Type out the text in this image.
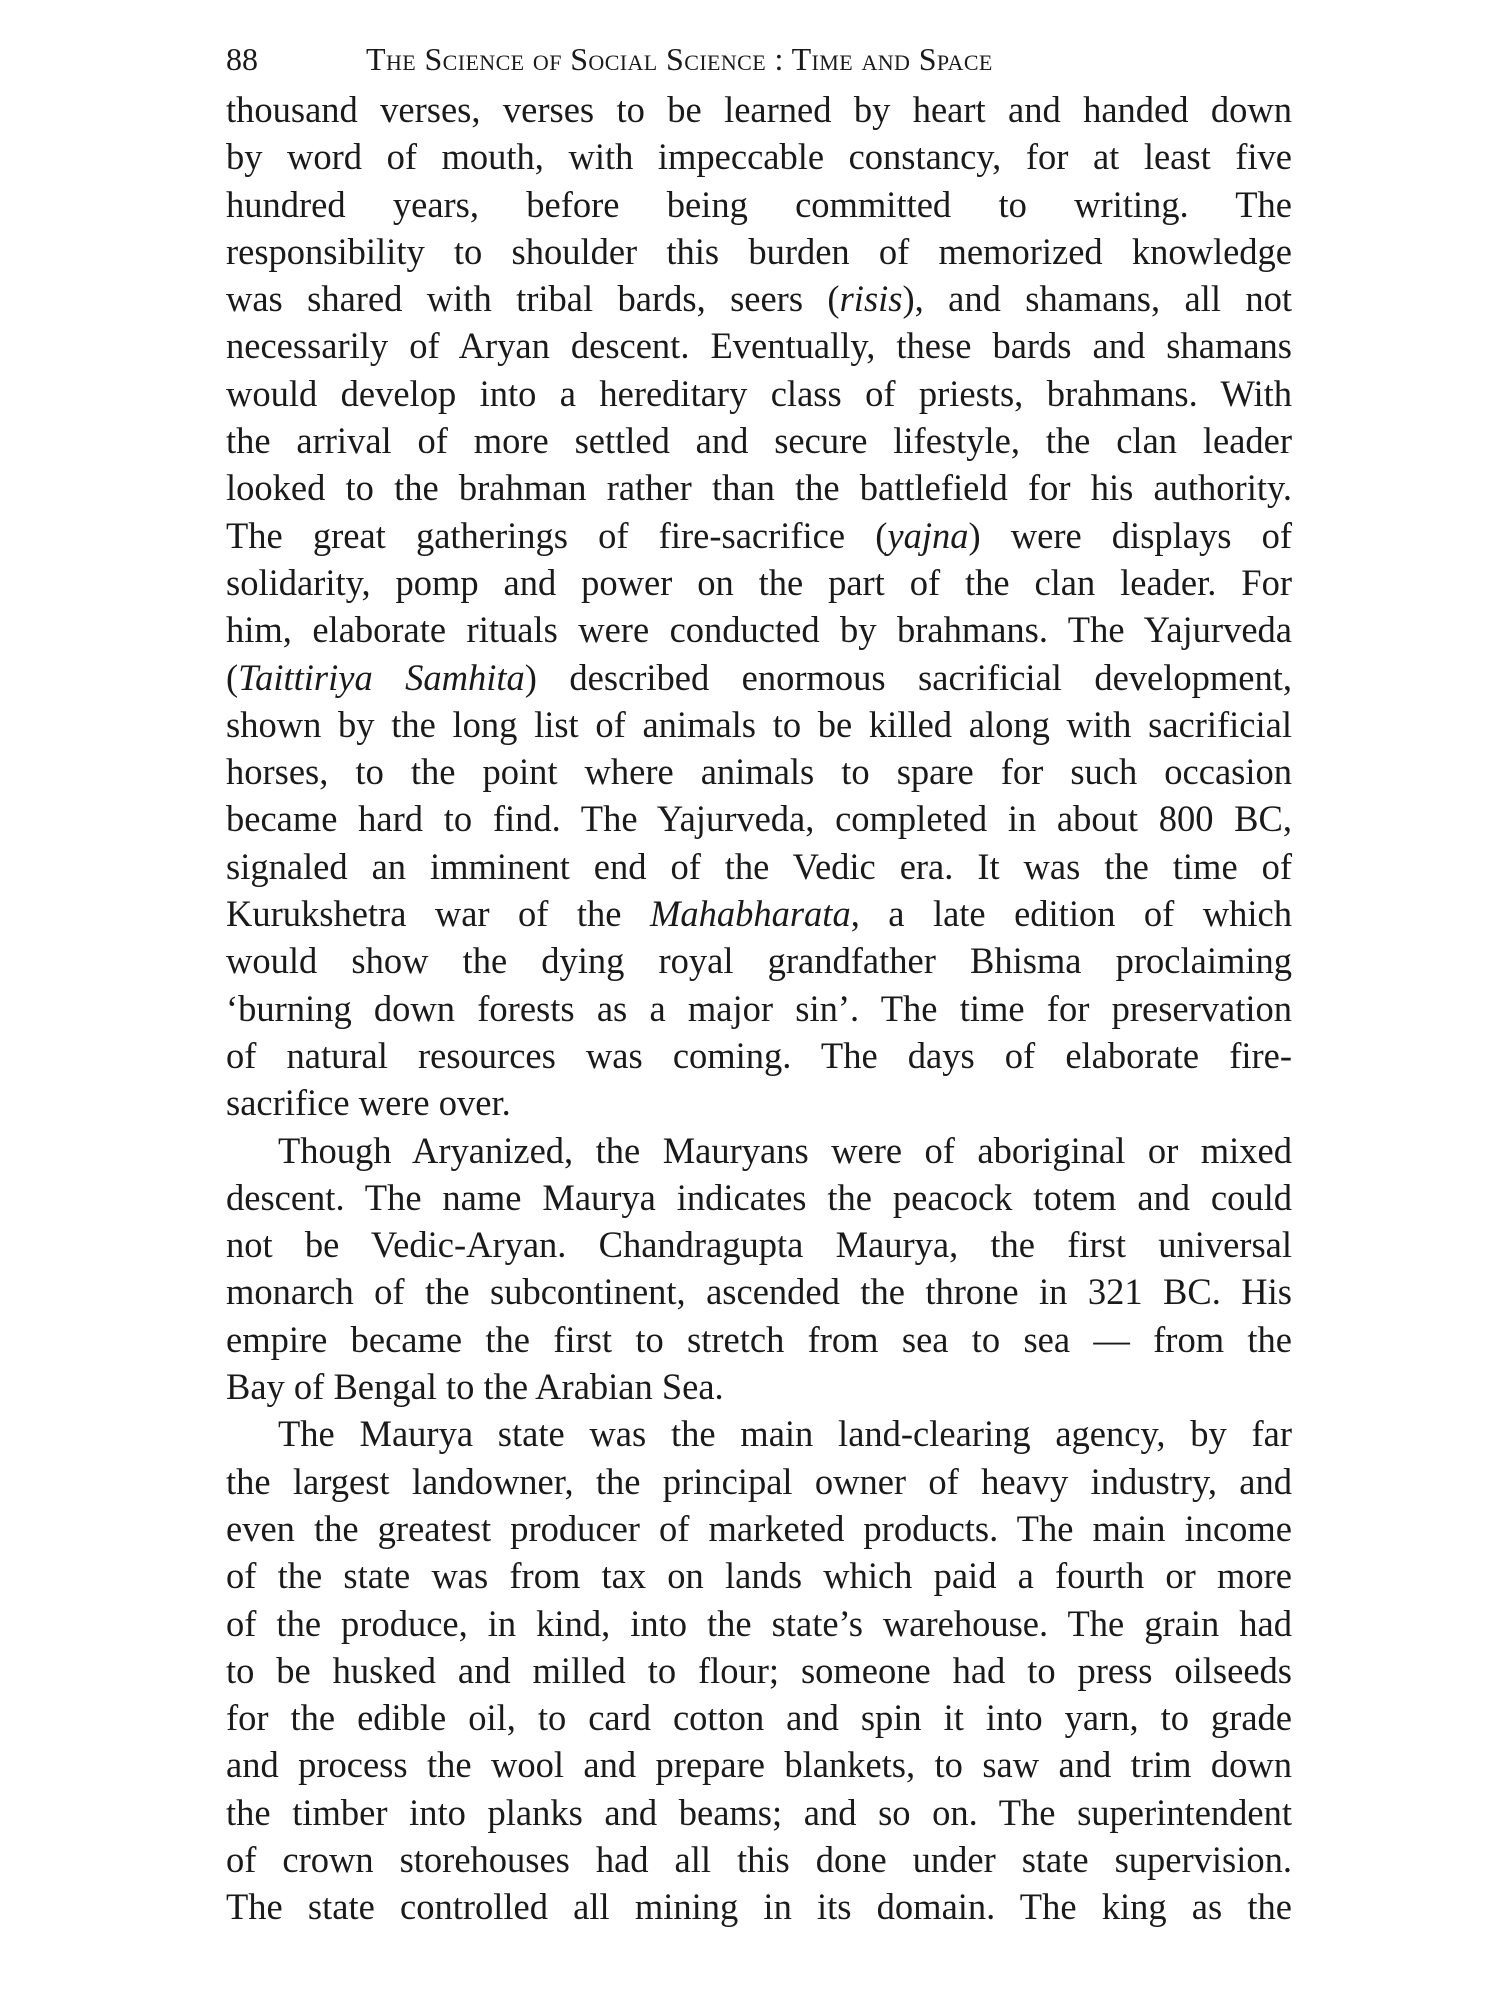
88	The Science of Social Science : Time and Space
thousand verses, verses to be learned by heart and handed down
by word of mouth, with impeccable constancy, for at least five
hundred years, before being committed to writing. The
responsibility to shoulder this burden of memorized knowledge
was shared with tribal bards, seers (risis), and shamans, all not
necessarily of Aryan descent. Eventually, these bards and shamans
would develop into a hereditary class of priests, brahmans. With
the arrival of more settled and secure lifestyle, the clan leader
looked to the brahman rather than the battlefield for his authority.
The great gatherings of fire-sacrifice (yajna) were displays of
solidarity, pomp and power on the part of the clan leader. For
him, elaborate rituals were conducted by brahmans. The Yajurveda
(Taittiriya Samhita) described enormous sacrificial development,
shown by the long list of animals to be killed along with sacrificial
horses, to the point where animals to spare for such occasion
became hard to find. The Yajurveda, completed in about 800 BC,
signaled an imminent end of the Vedic era. It was the time of
Kurukshetra war of the Mahabharata, a late edition of which
would show the dying royal grandfather Bhisma proclaiming
‘burning down forests as a major sin’. The time for preservation
of natural resources was coming. The days of elaborate fire-
sacrifice were over.
Though Aryanized, the Mauryans were of aboriginal or mixed
descent. The name Maurya indicates the peacock totem and could
not be Vedic-Aryan. Chandragupta Maurya, the first universal
monarch of the subcontinent, ascended the throne in 321 BC. His
empire became the first to stretch from sea to sea — from the
Bay of Bengal to the Arabian Sea.
The Maurya state was the main land-clearing agency, by far
the largest landowner, the principal owner of heavy industry, and
even the greatest producer of marketed products. The main income
of the state was from tax on lands which paid a fourth or more
of the produce, in kind, into the state’s warehouse. The grain had
to be husked and milled to flour; someone had to press oilseeds
for the edible oil, to card cotton and spin it into yarn, to grade
and process the wool and prepare blankets, to saw and trim down
the timber into planks and beams; and so on. The superintendent
of crown storehouses had all this done under state supervision.
The state controlled all mining in its domain. The king as the
